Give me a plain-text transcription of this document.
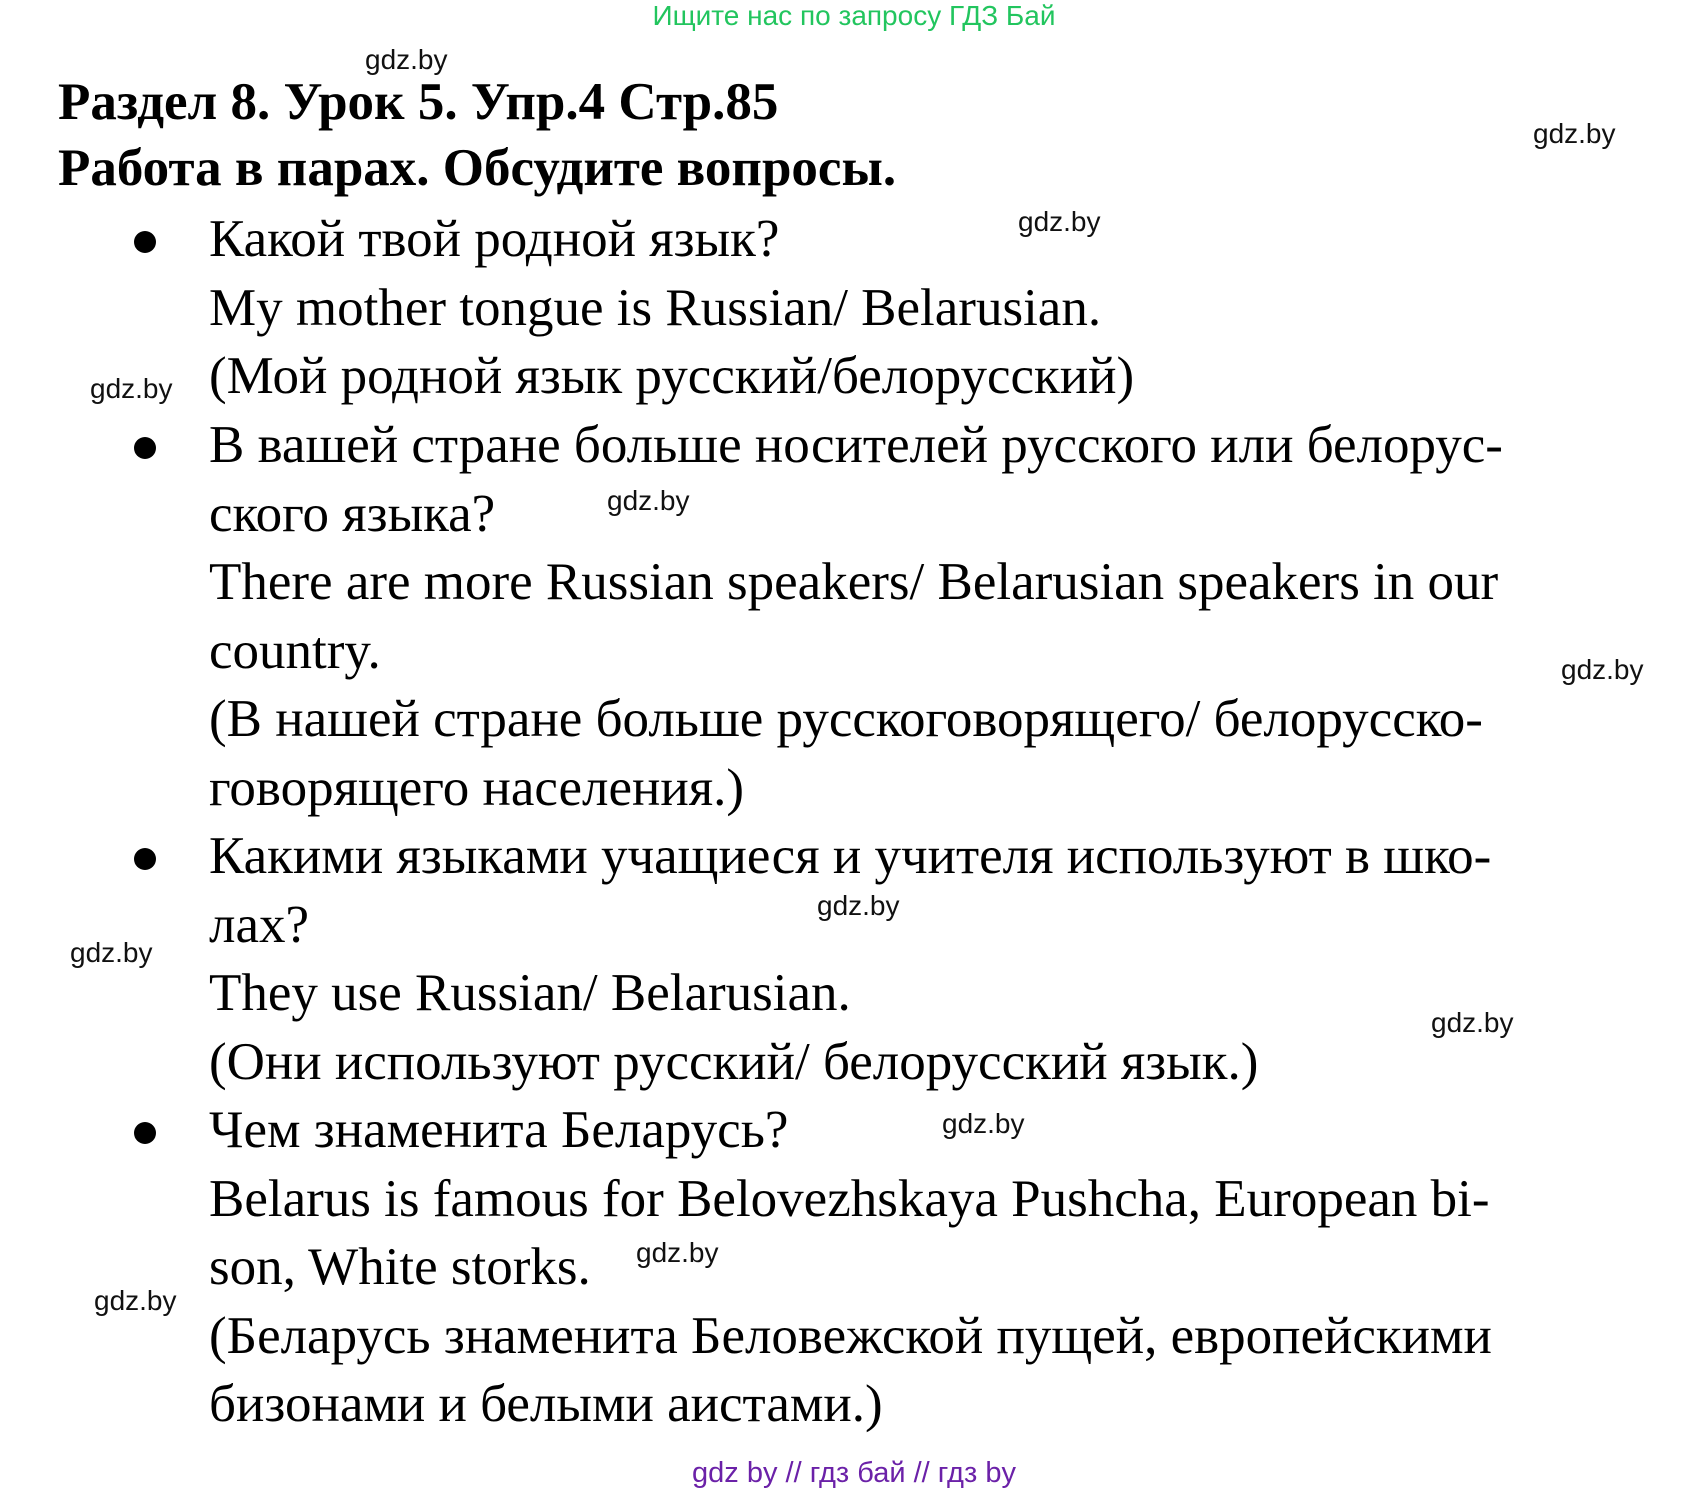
Ищите нас по запросу ГДЗ Бай
Раздел 8. Урок 5. Упр.4 Стр.85
Работа в парах. Обсудите вопросы.
Какой твой родной язык?
My mother tongue is Russian/ Belarusian.
(Мой родной язык русский/белорусский)
В вашей стране больше носителей русского или белорус-
ского языка?
There are more Russian speakers/ Belarusian speakers in our
country.
(В нашей стране больше русскоговорящего/ белорусско-
говорящего населения.)
Какими языками учащиеся и учителя используют в шко-
лах?
They use Russian/ Belarusian.
(Они используют русский/ белорусский язык.)
Чем знаменита Беларусь?
Belarus is famous for Belovezhskaya Pushcha, European bi-
son, White storks.
(Беларусь знаменита Беловежской пущей, европейскими
бизонами и белыми аистами.)
gdz.by
gdz.by
gdz.by
gdz.by
gdz.by
gdz.by
gdz.by
gdz.by
gdz.by
gdz.by
gdz.by
gdz.by
gdz by // гдз бай // гдз by
